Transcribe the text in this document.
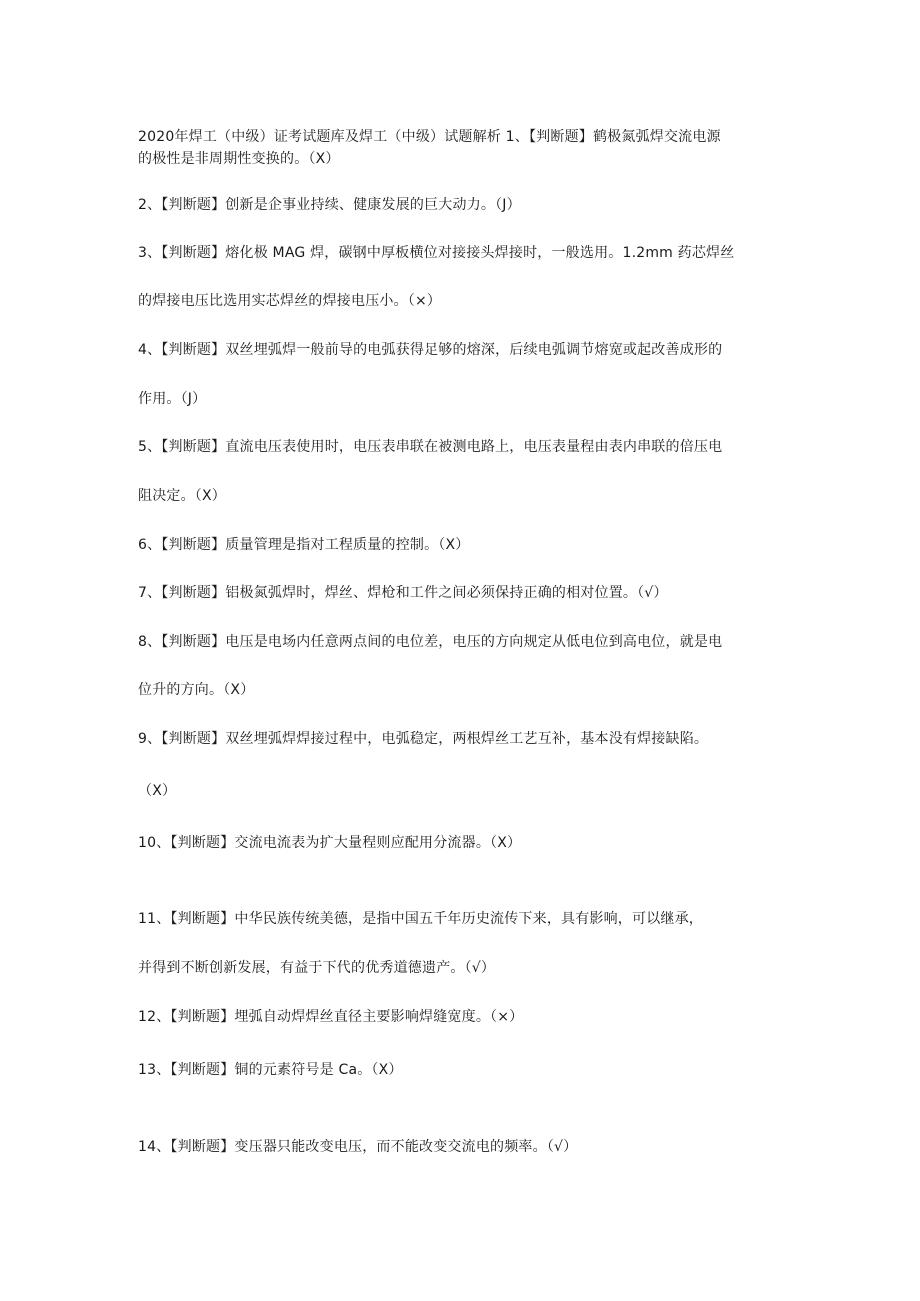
2020年焊工（中级）证考试题库及焊工（中级）试题解析 1、【判断题】鹤极氮弧焊交流电源
的极性是非周期性变换的。（X）
2、【判断题】创新是企事业持续、健康发展的巨大动力。（J）
3、【判断题】熔化极 MAG 焊，碳钢中厚板横位对接接头焊接时，一般选用。1.2mm 药芯焊丝
的焊接电压比选用实芯焊丝的焊接电压小。（×）
4、【判断题】双丝埋弧焊一般前导的电弧获得足够的熔深，后续电弧调节熔宽或起改善成形的
作用。（J）
5、【判断题】直流电压表使用时，电压表串联在被测电路上，电压表量程由表内串联的倍压电
阻决定。（X）
6、【判断题】质量管理是指对工程质量的控制。（X）
7、【判断题】铝极氮弧焊时，焊丝、焊枪和工件之间必须保持正确的相对位置。（√）
8、【判断题】电压是电场内任意两点间的电位差，电压的方向规定从低电位到高电位，就是电
位升的方向。（X）
9、【判断题】双丝埋弧焊焊接过程中，电弧稳定，两根焊丝工艺互补，基本没有焊接缺陷。
（X）
10、【判断题】交流电流表为扩大量程则应配用分流器。（X）
11、【判断题】中华民族传统美德，是指中国五千年历史流传下来，具有影响，可以继承，
并得到不断创新发展，有益于下代的优秀道德遗产。（√）
12、【判断题】埋弧自动焊焊丝直径主要影响焊缝宽度。（×）
13、【判断题】铜的元素符号是 Ca。（X）
14、【判断题】变压器只能改变电压，而不能改变交流电的频率。（√）
